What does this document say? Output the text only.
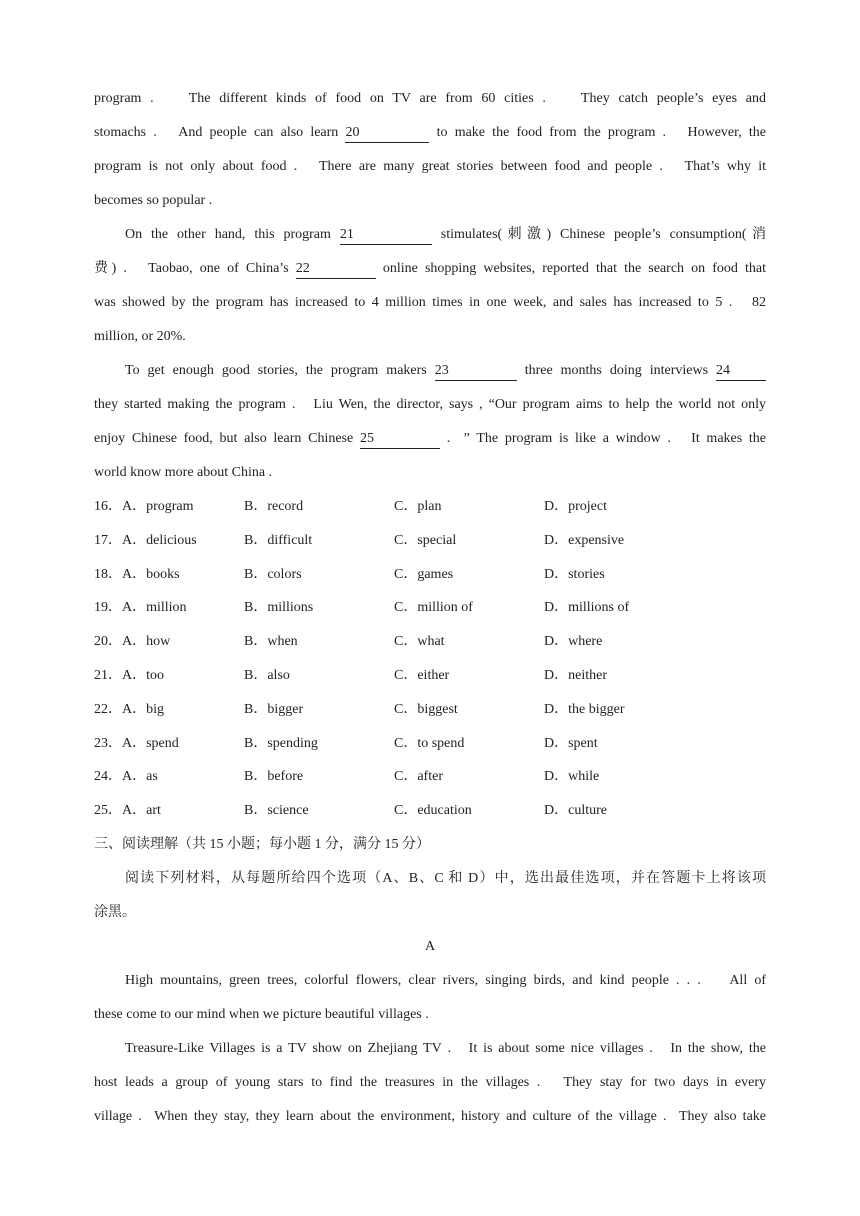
program .    The different kinds of food on TV are from 60 cities .    They catch people’s eyes and
stomachs .   And people can also learn 20	to make the food from the program .   However, the
program is not only about food .   There are many great stories between food and people .   That’s why it
becomes so popular .
On the other hand, this program 21	stimulates(刺激) Chinese people’s consumption(消
费) .   Taobao, one of China’s 22	online shopping websites, reported that the search on food that
was showed by the program has increased to 4 million times in one week, and sales has increased to 5 .   82
million, or 20%.
To get enough good stories, the program makers 23	three months doing interviews 24
they started making the program .   Liu Wen, the director, says , “Our program aims to help the world not only
enjoy Chinese food, but also learn Chinese 25	.  ” The program is like a window .   It makes the
world know more about China .
16．A．program	B．record	C．plan	D．project
17．A．delicious	B．difficult	C．special	D．expensive
18．A．books	B．colors	C．games	D．stories
19．A．million	B．millions	C．million of	D．millions of
20．A．how	B．when	C．what	D．where
21．A．too	B．also	C．either	D．neither
22．A．big	B．bigger	C．biggest	D．the bigger
23．A．spend	B．spending	C．to spend	D．spent
24．A．as	B．before	C．after	D．while
25．A．art	B．science	C．education	D．culture
三、阅读理解（共 15 小题；每小题 1 分，满分 15 分）
阅读下列材料，从每题所给四个选项（A、B、C 和 D）中，选出最佳选项，并在答题卡上将该项
涂黑。
A
High mountains, green trees, colorful flowers, clear rivers, singing birds, and kind people . . .    All of
these come to our mind when we picture beautiful villages .
Treasure-Like Villages is a TV show on Zhejiang TV .   It is about some nice villages .   In the show, the
host leads a group of young stars to find the treasures in the villages .   They stay for two days in every
village .  When they stay, they learn about the environment, history and culture of the village .  They also take
